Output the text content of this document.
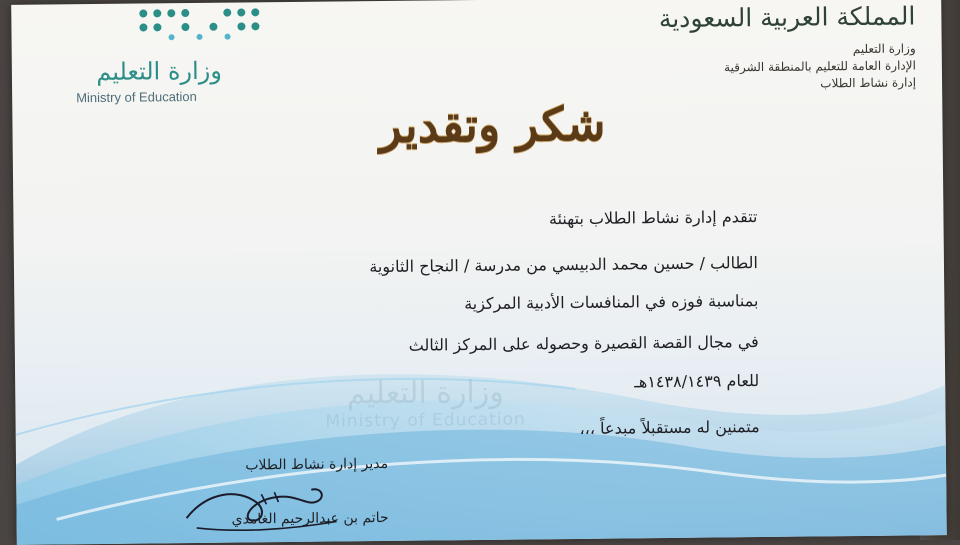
وزارة التعليم
Ministry of Education
وزارة التعليم
Ministry of Education
المملكة العربية السعودية
وزارة التعليم
الإدارة العامة للتعليم بالمنطقة الشرقية
إدارة نشاط الطلاب
شكر وتقدير
تتقدم إدارة نشاط الطلاب بتهنئة
الطالب / حسين محمد الدبيسي من مدرسة / النجاح الثانوية
بمناسبة فوزه في المنافسات الأدبية المركزية
في مجال القصة القصيرة وحصوله على المركز الثالث
للعام ١٤٣٨/١٤٣٩هـ
متمنين له مستقبلاً مبدعاً ،،،
مدير إدارة نشاط الطلاب
حاتم بن عبدالرحيم الغامدي
